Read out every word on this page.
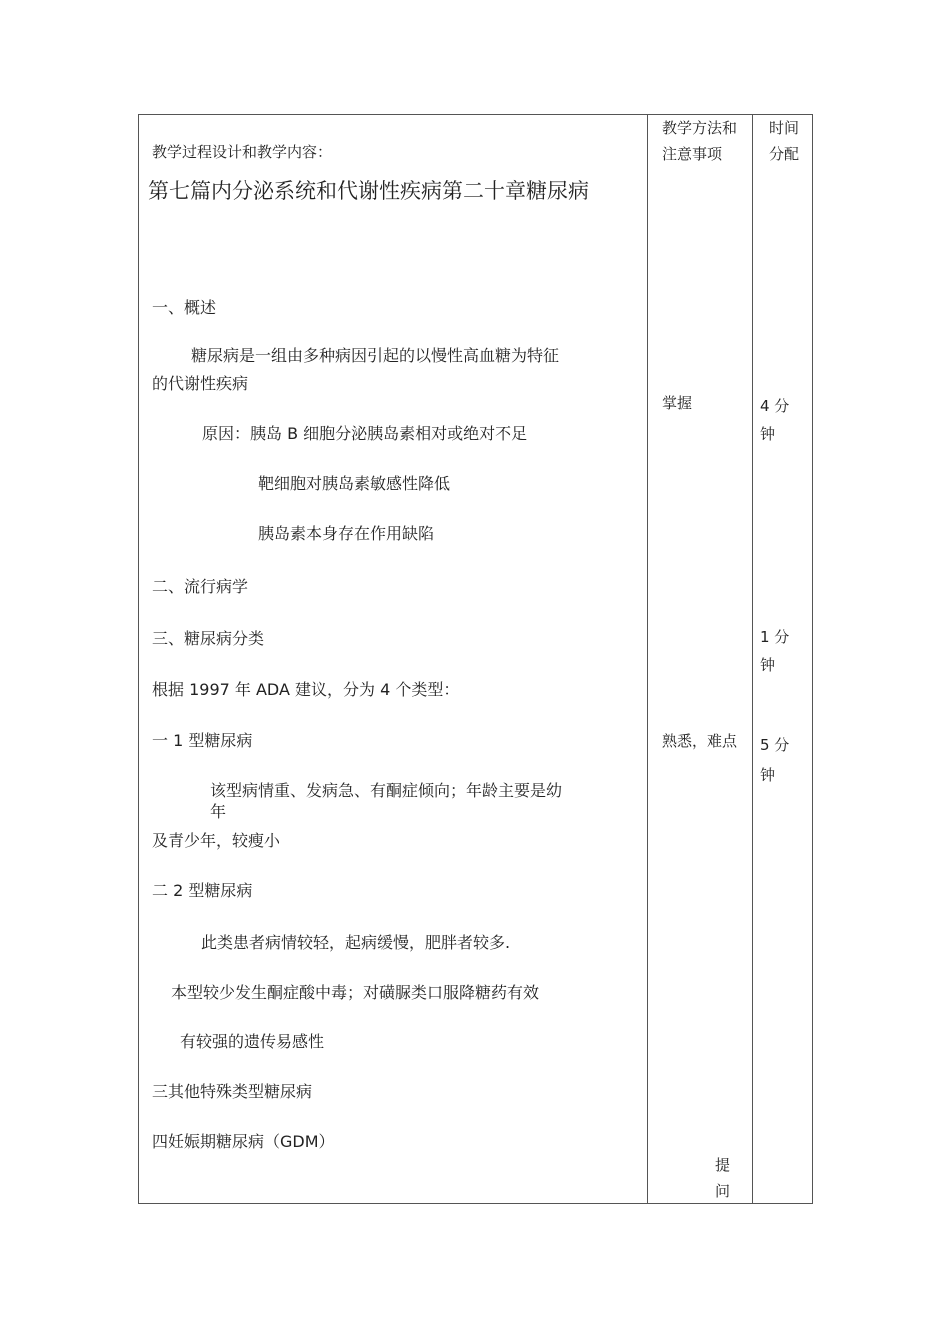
教学过程设计和教学内容：
第七篇内分泌系统和代谢性疾病第二十章糖尿病
教学方法和
注意事项
时间
分配
一、概述
糖尿病是一组由多种病因引起的以慢性高血糖为特征
的代谢性疾病
原因：胰岛 B 细胞分泌胰岛素相对或绝对不足
靶细胞对胰岛素敏感性降低
胰岛素本身存在作用缺陷
二、流行病学
三、糖尿病分类
根据 1997 年 ADA 建议，分为 4 个类型：
一 1 型糖尿病
该型病情重、发病急、有酮症倾向；年龄主要是幼
年
及青少年，较瘦小
二 2 型糖尿病
此类患者病情较轻，起病缓慢，肥胖者较多.
本型较少发生酮症酸中毒；对磺脲类口服降糖药有效
有较强的遗传易感性
三其他特殊类型糖尿病
四妊娠期糖尿病（GDM）
掌握
熟悉，难点
提
问
4 分
钟
1 分
钟
5 分
钟
